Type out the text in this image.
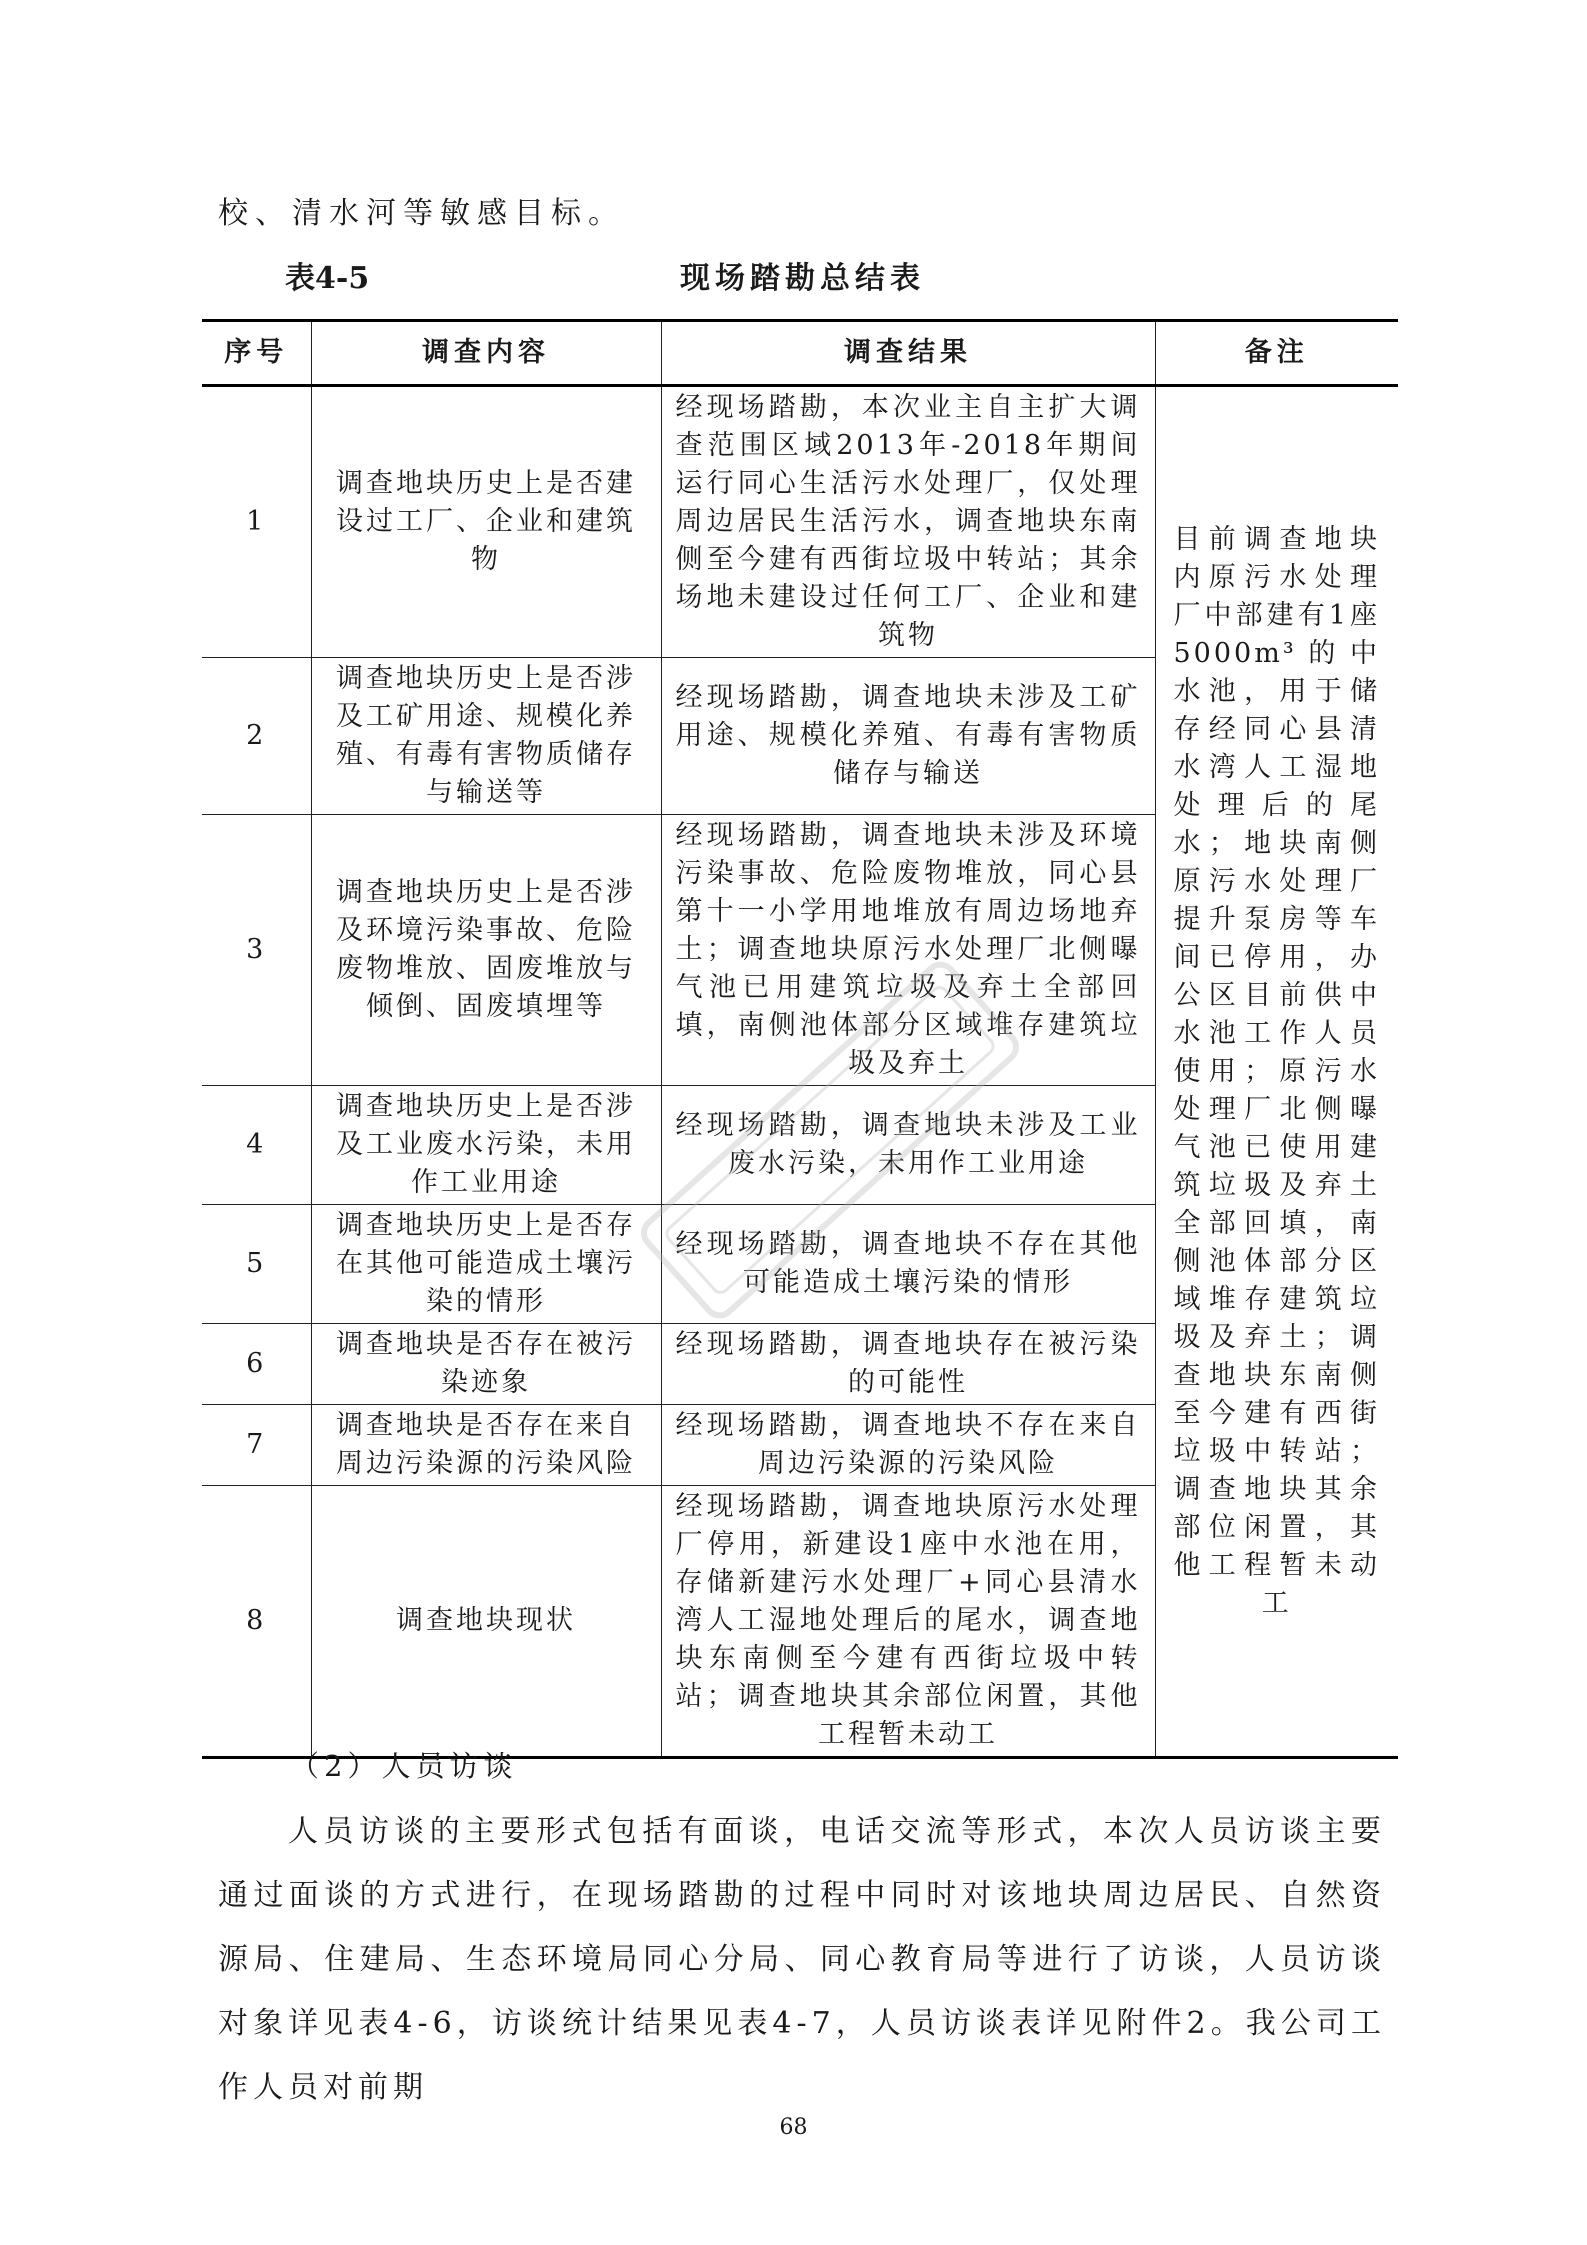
校、清水河等敏感目标。
表4-5	现场踏勘总结表
序号	调查内容	调查结果	备注
1	调查地块历史上是否建设过工厂、企业和建筑物	经现场踏勘，本次业主自主扩大调查范围区域2013年-2018年期间运行同心生活污水处理厂，仅处理周边居民生活污水，调查地块东南侧至今建有西街垃圾中转站；其余场地未建设过任何工厂、企业和建筑物	目前调查地块内原污水处理厂中部建有1座5000m³的中水池，用于储存经同心县清水湾人工湿地处理后的尾水；地块南侧原污水处理厂提升泵房等车间已停用，办公区目前供中水池工作人员使用；原污水处理厂北侧曝气池已使用建筑垃圾及弃土全部回填，南侧池体部分区域堆存建筑垃圾及弃土；调查地块东南侧至今建有西街垃圾中转站；调查地块其余部位闲置，其他工程暂未动工
2	调查地块历史上是否涉及工矿用途、规模化养殖、有毒有害物质储存与输送等	经现场踏勘，调查地块未涉及工矿用途、规模化养殖、有毒有害物质储存与输送	
3	调查地块历史上是否涉及环境污染事故、危险废物堆放、固废堆放与倾倒、固废填埋等	经现场踏勘，调查地块未涉及环境污染事故、危险废物堆放，同心县第十一小学用地堆放有周边场地弃土；调查地块原污水处理厂北侧曝气池已用建筑垃圾及弃土全部回填，南侧池体部分区域堆存建筑垃圾及弃土	
4	调查地块历史上是否涉及工业废水污染，未用作工业用途	经现场踏勘，调查地块未涉及工业废水污染，未用作工业用途	
5	调查地块历史上是否存在其他可能造成土壤污染的情形	经现场踏勘，调查地块不存在其他可能造成土壤污染的情形	
6	调查地块是否存在被污染迹象	经现场踏勘，调查地块存在被污染的可能性	
7	调查地块是否存在来自周边污染源的污染风险	经现场踏勘，调查地块不存在来自周边污染源的污染风险	
8	调查地块现状	经现场踏勘，调查地块原污水处理厂停用，新建设1座中水池在用，存储新建污水处理厂+同心县清水湾人工湿地处理后的尾水，调查地块东南侧至今建有西街垃圾中转站；调查地块其余部位闲置，其他工程暂未动工	
（2）人员访谈

人员访谈的主要形式包括有面谈，电话交流等形式，本次人员访谈主要通过面谈的方式进行，在现场踏勘的过程中同时对该地块周边居民、自然资源局、住建局、生态环境局同心分局、同心教育局等进行了访谈，人员访谈对象详见表4-6，访谈统计结果见表4-7，人员访谈表详见附件2。我公司工作人员对前期

68
